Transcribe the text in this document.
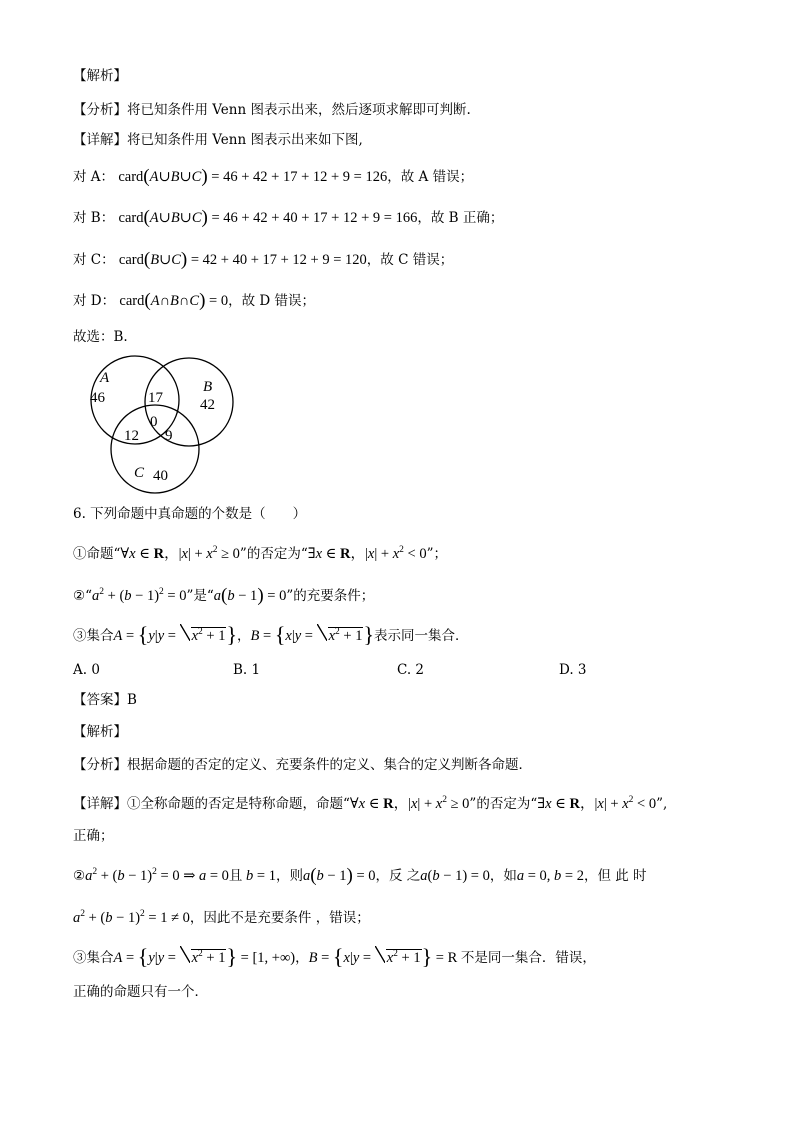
【解析】
【分析】将已知条件用 Venn 图表示出来，然后逐项求解即可判断.
【详解】将已知条件用 Venn 图表示出来如下图,
对 A： card(A∪B∪C) = 46 + 42 + 17 + 12 + 9 = 126，故 A 错误；
对 B： card(A∪B∪C) = 46 + 42 + 40 + 17 + 12 + 9 = 166，故 B 正确；
对 C： card(B∪C) = 42 + 40 + 17 + 12 + 9 = 120，故 C 错误；
对 D： card(A∩B∩C) = 0，故 D 错误；
故选：B.
A
46
B
42
17
0
12 9
C 40
6. 下列命题中真命题的个数是（　　）
①命题“∀x ∈ R，$|x| + x^2 \ge 0$”的否定为“∃x ∈ R，$|x| + x^2 < 0$”；
$②“a^2 + (b - 1)^2 = 0$”是“a(b − 1) = 0”的充要条件；
③集合$A = \{y|y = x^2 + 1\}$，$B = \{x|y = x^2 + 1\}$表示同一集合．
A. 0	B. 1	C. 2	D. 3
【答案】B
【解析】
【分析】根据命题的否定的定义、充要条件的定义、集合的定义判断各命题．
【详解】①全称命题的否定是特称命题，命题“∀x ∈ R，$|x| + x^2 \ge 0$”的否定为“∃x ∈ R，$|x| + x^2 < 0$”,
正确；
$②a^2 + (b - 1)^2 = 0$ ⇒ a = 0且 b = 1，则a(b − 1) = 0，反 之a(b − 1) = 0，如a = 0, b = 2，但 此 时
$a^2 + (b - 1)^2 = 1 \ne 0$，因此不是充要条件 ，错误；
③集合$A = \{y|y = x^2 + 1\} = [1$, +∞)，$B = \{x|y = x^2 + 1\} = R$ 不是同一集合．错误，
正确的命题只有一个．
